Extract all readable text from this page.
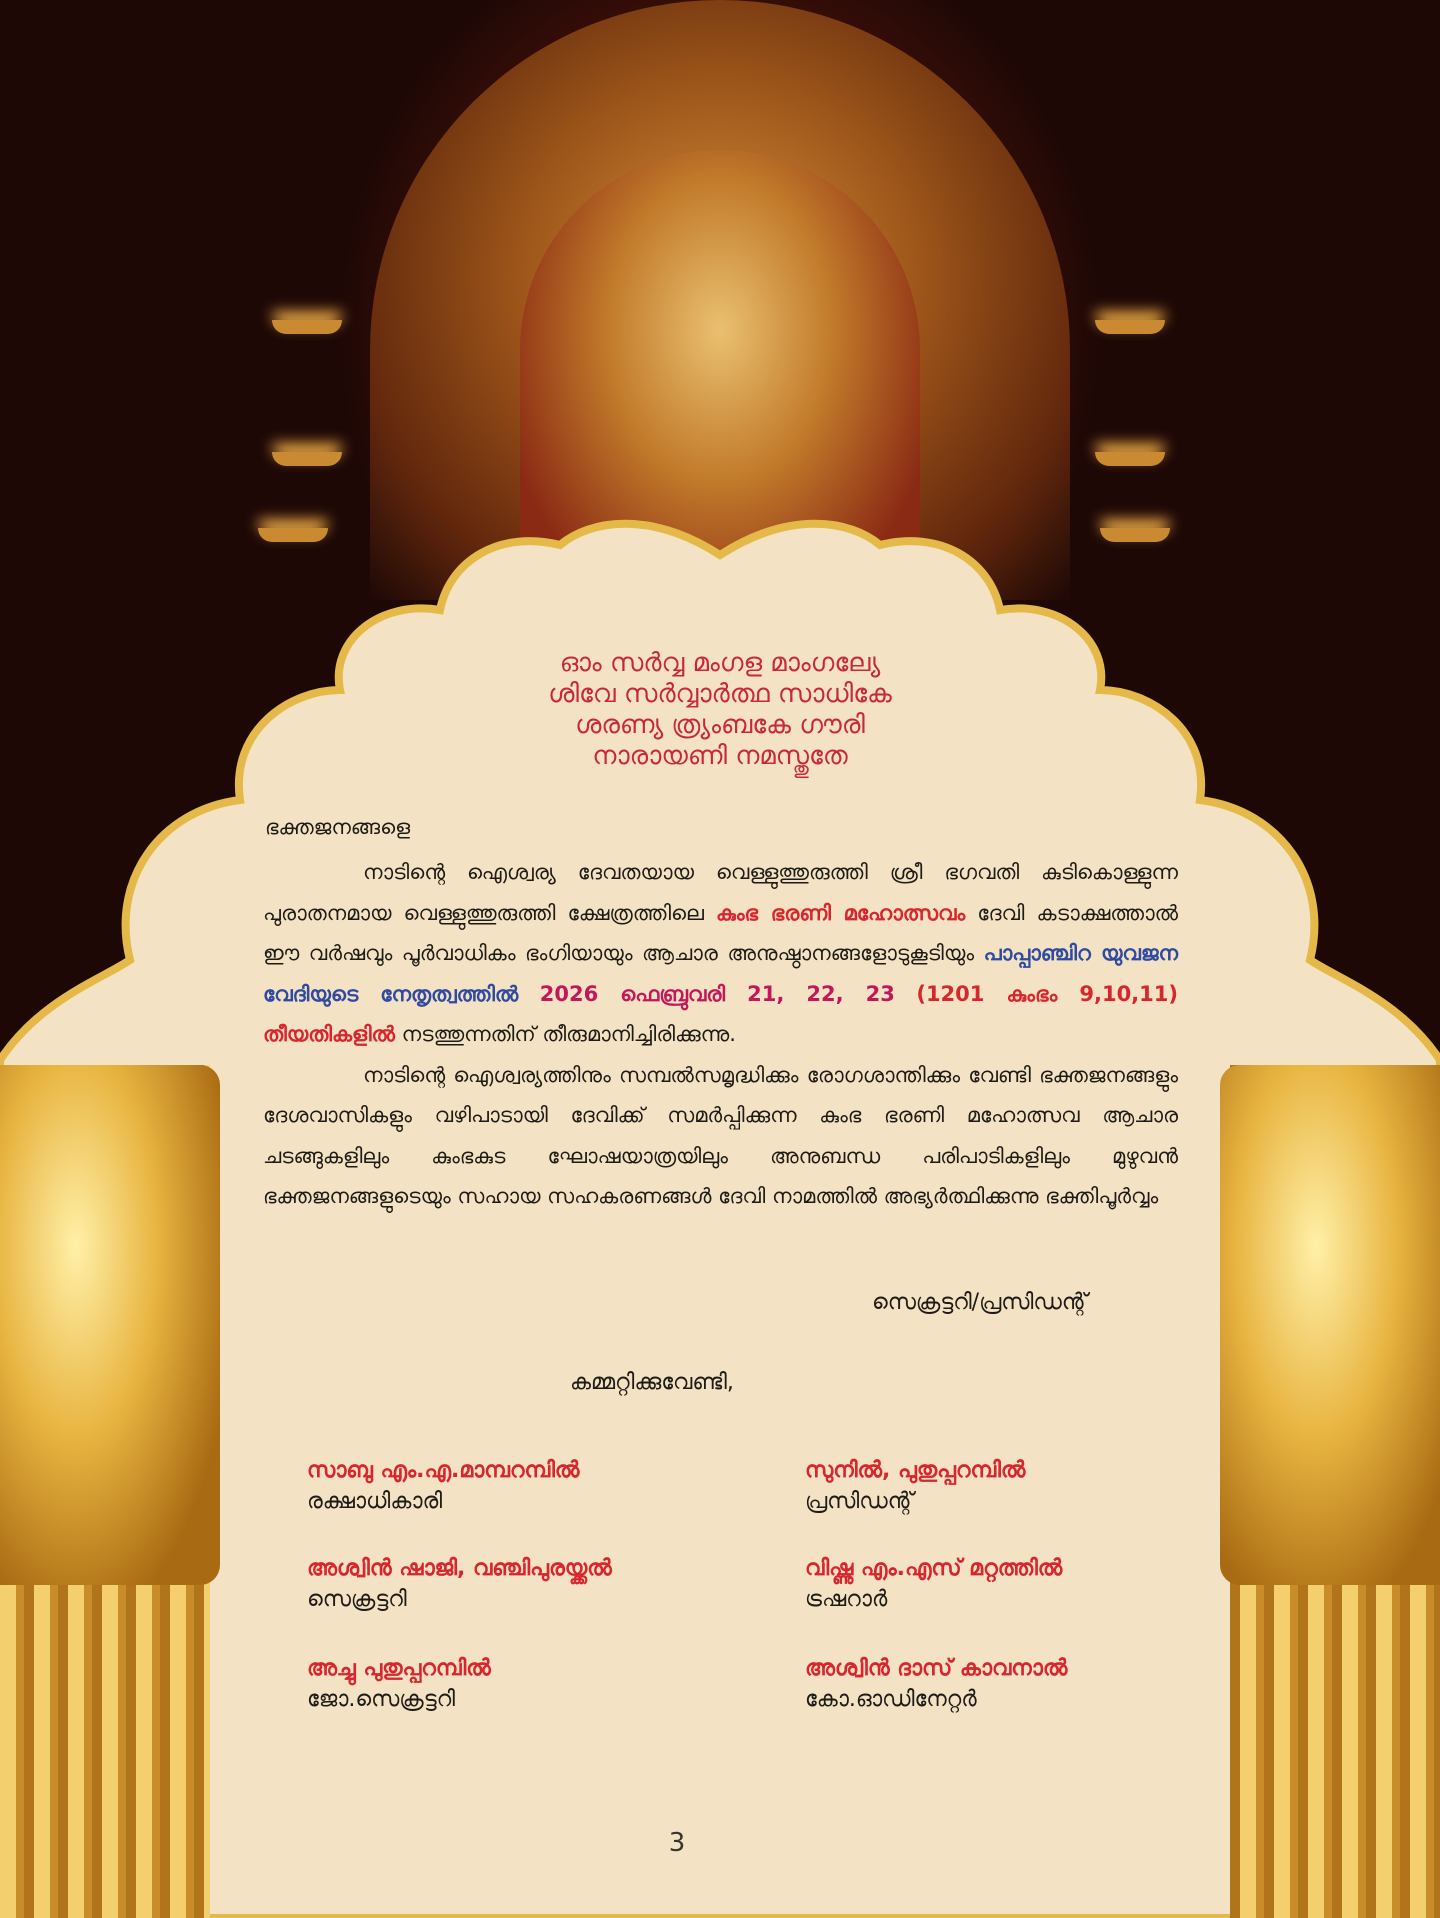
ഓം സർവ്വ മംഗള മാംഗല്യേ
ശിവേ സർവ്വാർത്ഥ സാധികേ
ശരണ്യ ത്ര്യംബകേ ഗൗരി
നാരായണി നമസ്തുതേ
ഭക്തജനങ്ങളെ

നാടിന്റെ ഐശ്വര്യ ദേവതയായ വെള്ളുത്തുരുത്തി ശ്രീ ഭഗവതി കുടികൊള്ളുന്ന പുരാതനമായ വെള്ളുത്തുരുത്തി ക്ഷേത്രത്തിലെ കുംഭ ഭരണി മഹോത്സവം ദേവി കടാക്ഷത്താൽ ഈ വർഷവും പൂർവാധികം ഭംഗിയായും ആചാര അനുഷ്ഠാനങ്ങളോടുകൂടിയും പാപ്പാഞ്ചിറ യുവജന വേദിയുടെ നേതൃത്വത്തിൽ 2026 ഫെബ്രുവരി 21, 22, 23 (1201 കുംഭം 9,10,11) തീയതികളിൽ നടത്തുന്നതിന് തീരുമാനിച്ചിരിക്കുന്നു.

നാടിന്റെ ഐശ്വര്യത്തിനും സമ്പൽസമൃദ്ധിക്കും രോഗശാന്തിക്കും വേണ്ടി ഭക്തജനങ്ങളും ദേശവാസികളും വഴിപാടായി ദേവിക്ക് സമർപ്പിക്കുന്ന കുംഭ ഭരണി മഹോത്സവ ആചാര ചടങ്ങുകളിലും കുംഭകുട ഘോഷയാത്രയിലും അനുബന്ധ പരിപാടികളിലും മുഴുവൻ ഭക്തജനങ്ങളുടെയും സഹായ സഹകരണങ്ങൾ ദേവി നാമത്തിൽ അഭ്യർത്ഥിക്കുന്നു ഭക്തിപൂർവ്വം

സെക്രട്ടറി/പ്രസിഡന്റ്
കമ്മറ്റിക്കുവേണ്ടി,
സാബു എം.എ.മാമ്പറമ്പിൽ
രക്ഷാധികാരി
സുനിൽ, പുതുപ്പറമ്പിൽ
പ്രസിഡന്റ്
അശ്വിൻ ഷാജി, വഞ്ചിപുരയ്ക്കൽ
സെക്രട്ടറി
വിഷ്ണു എം.എസ് മറ്റത്തിൽ
ട്രഷറാർ
അച്ചു പുതുപ്പറമ്പിൽ
ജോ.സെക്രട്ടറി
അശ്വിൻ ദാസ് കാവനാൽ
കോ.ഓഡിനേറ്റർ
3
